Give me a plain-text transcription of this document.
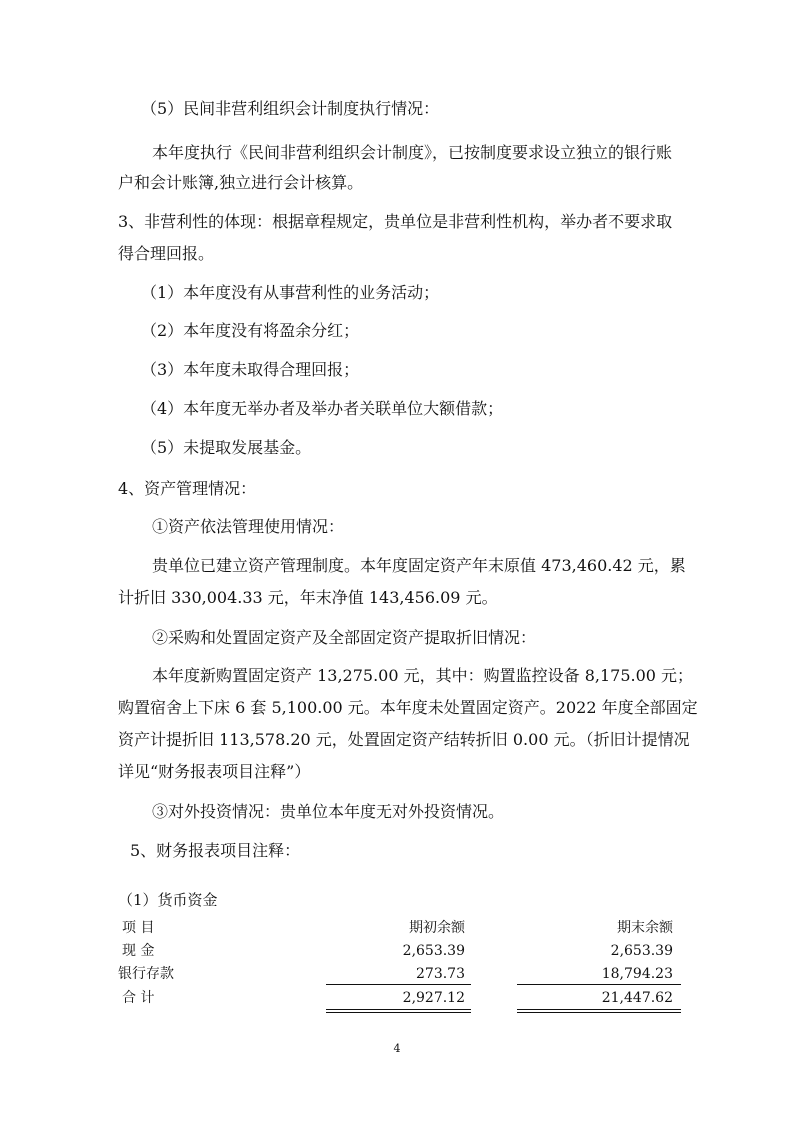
（5）民间非营利组织会计制度执行情况：
本年度执行《民间非营利组织会计制度》，已按制度要求设立独立的银行账
户和会计账簿,独立进行会计核算。
3、非营利性的体现：根据章程规定，贵单位是非营利性机构，举办者不要求取
得合理回报。
（1）本年度没有从事营利性的业务活动；
（2）本年度没有将盈余分红；
（3）本年度未取得合理回报；
（4）本年度无举办者及举办者关联单位大额借款；
（5）未提取发展基金。
4、资产管理情况：
①资产依法管理使用情况：
贵单位已建立资产管理制度。本年度固定资产年末原值 473,460.42 元，累
计折旧 330,004.33 元，年末净值 143,456.09 元。
②采购和处置固定资产及全部固定资产提取折旧情况：
本年度新购置固定资产 13,275.00 元，其中：购置监控设备 8,175.00 元；
购置宿舍上下床 6 套 5,100.00 元。本年度未处置固定资产。2022 年度全部固定
资产计提折旧 113,578.20 元，处置固定资产结转折旧 0.00 元。（折旧计提情况
详见“财务报表项目注释”）
③对外投资情况：贵单位本年度无对外投资情况。
5、财务报表项目注释：
（1）货币资金
项 目	期初余额	期末余额
现 金	2,653.39	2,653.39
银行存款	273.73	18,794.23
合 计	2,927.12	21,447.62
4
